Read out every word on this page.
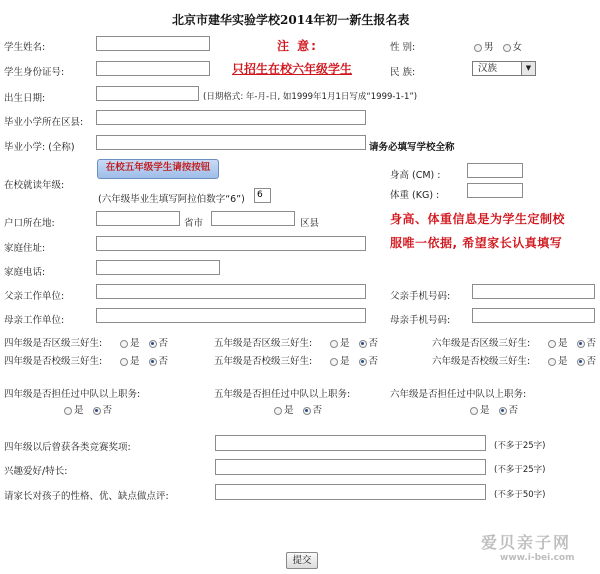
北京市建华实验学校2014年初一新生报名表
学生姓名:	注 意:	性 别:	男 女
学生身份证号:	只招生在校六年级学生	民 族:	汉族	▼
出生日期:	(日期格式: 年-月-日, 如1999年1月1日写成“1999-1-1”)
毕业小学所在区县:
毕业小学: (全称)	请务必填写学校全称
在校五年级学生请按按钮
在校就读年级:
(六年级毕业生填写阿拉伯数字“6”)	6
身高 (CM) :
体重 (KG) :
户口所在地:	省市	区县	身高、体重信息是为学生定制校
服唯一依据, 希望家长认真填写
家庭住址:
家庭电话:
父亲工作单位:	父亲手机号码:
母亲工作单位:	母亲手机号码:
四年级是否区级三好生:	是 否	五年级是否区级三好生:	是 否	六年级是否区级三好生:	是 否
四年级是否校级三好生:	是 否	五年级是否校级三好生:	是 否	六年级是否校级三好生:	是 否
四年级是否担任过中队以上职务:
是 否
五年级是否担任过中队以上职务:
是 否
六年级是否担任过中队以上职务:
是 否
四年级以后曾获各类竞赛奖项:	(不多于25字)
兴趣爱好/特长:	(不多于25字)
请家长对孩子的性格、优、缺点做点评:	(不多于50字)
提交
爱贝亲子网
www.i-bei.com
